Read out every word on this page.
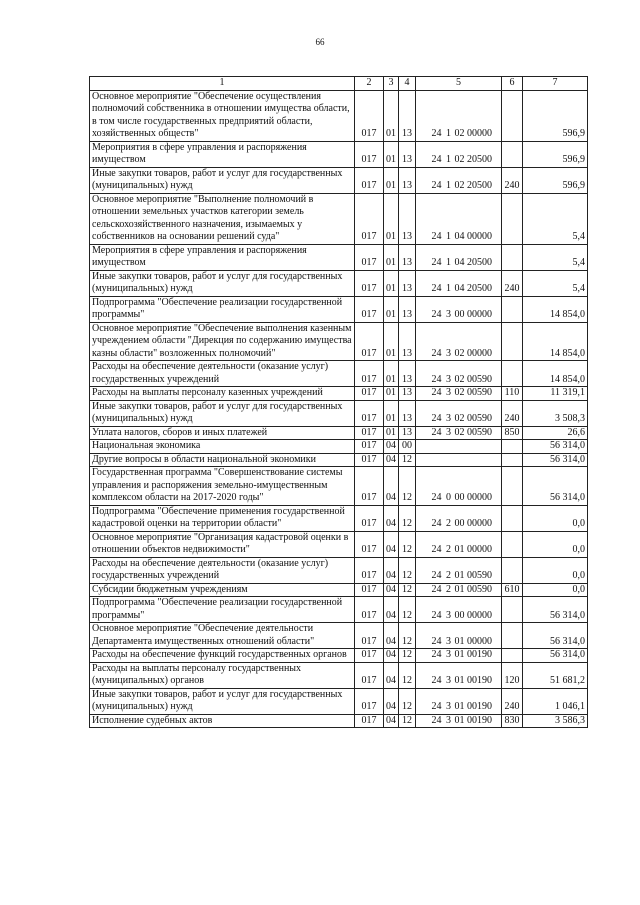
66
1	2	3	4	5	6	7
Основное мероприятие "Обеспечение осуществления полномочий собственника в отношении имущества области, в том числе государственных предприятий области, хозяйственных обществ"	017	01	13	24 1 02 00000		596,9
Мероприятия в сфере управления и распоряжения имуществом	017	01	13	24 1 02 20500		596,9
Иные закупки товаров, работ и услуг для государственных (муниципальных) нужд	017	01	13	24 1 02 20500	240	596,9
Основное мероприятие "Выполнение полномочий в отношении земельных участков категории земель сельскохозяйственного назначения, изымаемых у собственников на основании решений суда"	017	01	13	24 1 04 00000		5,4
Мероприятия в сфере управления и распоряжения имуществом	017	01	13	24 1 04 20500		5,4
Иные закупки товаров, работ и услуг для государственных (муниципальных) нужд	017	01	13	24 1 04 20500	240	5,4
Подпрограмма "Обеспечение реализации государственной программы"	017	01	13	24 3 00 00000		14 854,0
Основное мероприятие "Обеспечение выполнения казенным учреждением области "Дирекция по содержанию имущества казны области" возложенных полномочий"	017	01	13	24 3 02 00000		14 854,0
Расходы на обеспечение деятельности (оказание услуг) государственных учреждений	017	01	13	24 3 02 00590		14 854,0
Расходы на выплаты персоналу казенных учреждений	017	01	13	24 3 02 00590	110	11 319,1
Иные закупки товаров, работ и услуг для государственных (муниципальных) нужд	017	01	13	24 3 02 00590	240	3 508,3
Уплата налогов, сборов и иных платежей	017	01	13	24 3 02 00590	850	26,6
Национальная экономика	017	04	00			56 314,0
Другие вопросы в области национальной экономики	017	04	12			56 314,0
Государственная программа "Совершенствование системы управления и распоряжения земельно-имущественным комплексом области на 2017-2020 годы"	017	04	12	24 0 00 00000		56 314,0
Подпрограмма "Обеспечение применения государственной кадастровой оценки на территории области"	017	04	12	24 2 00 00000		0,0
Основное мероприятие "Организация кадастровой оценки в отношении объектов недвижимости"	017	04	12	24 2 01 00000		0,0
Расходы на обеспечение деятельности (оказание услуг) государственных учреждений	017	04	12	24 2 01 00590		0,0
Субсидии бюджетным учреждениям	017	04	12	24 2 01 00590	610	0,0
Подпрограмма "Обеспечение реализации государственной программы"	017	04	12	24 3 00 00000		56 314,0
Основное мероприятие "Обеспечение деятельности Департамента имущественных отношений области"	017	04	12	24 3 01 00000		56 314,0
Расходы на обеспечение функций государственных органов	017	04	12	24 3 01 00190		56 314,0
Расходы на выплаты персоналу государственных (муниципальных) органов	017	04	12	24 3 01 00190	120	51 681,2
Иные закупки товаров, работ и услуг для государственных (муниципальных) нужд	017	04	12	24 3 01 00190	240	1 046,1
Исполнение судебных актов	017	04	12	24 3 01 00190	830	3 586,3
